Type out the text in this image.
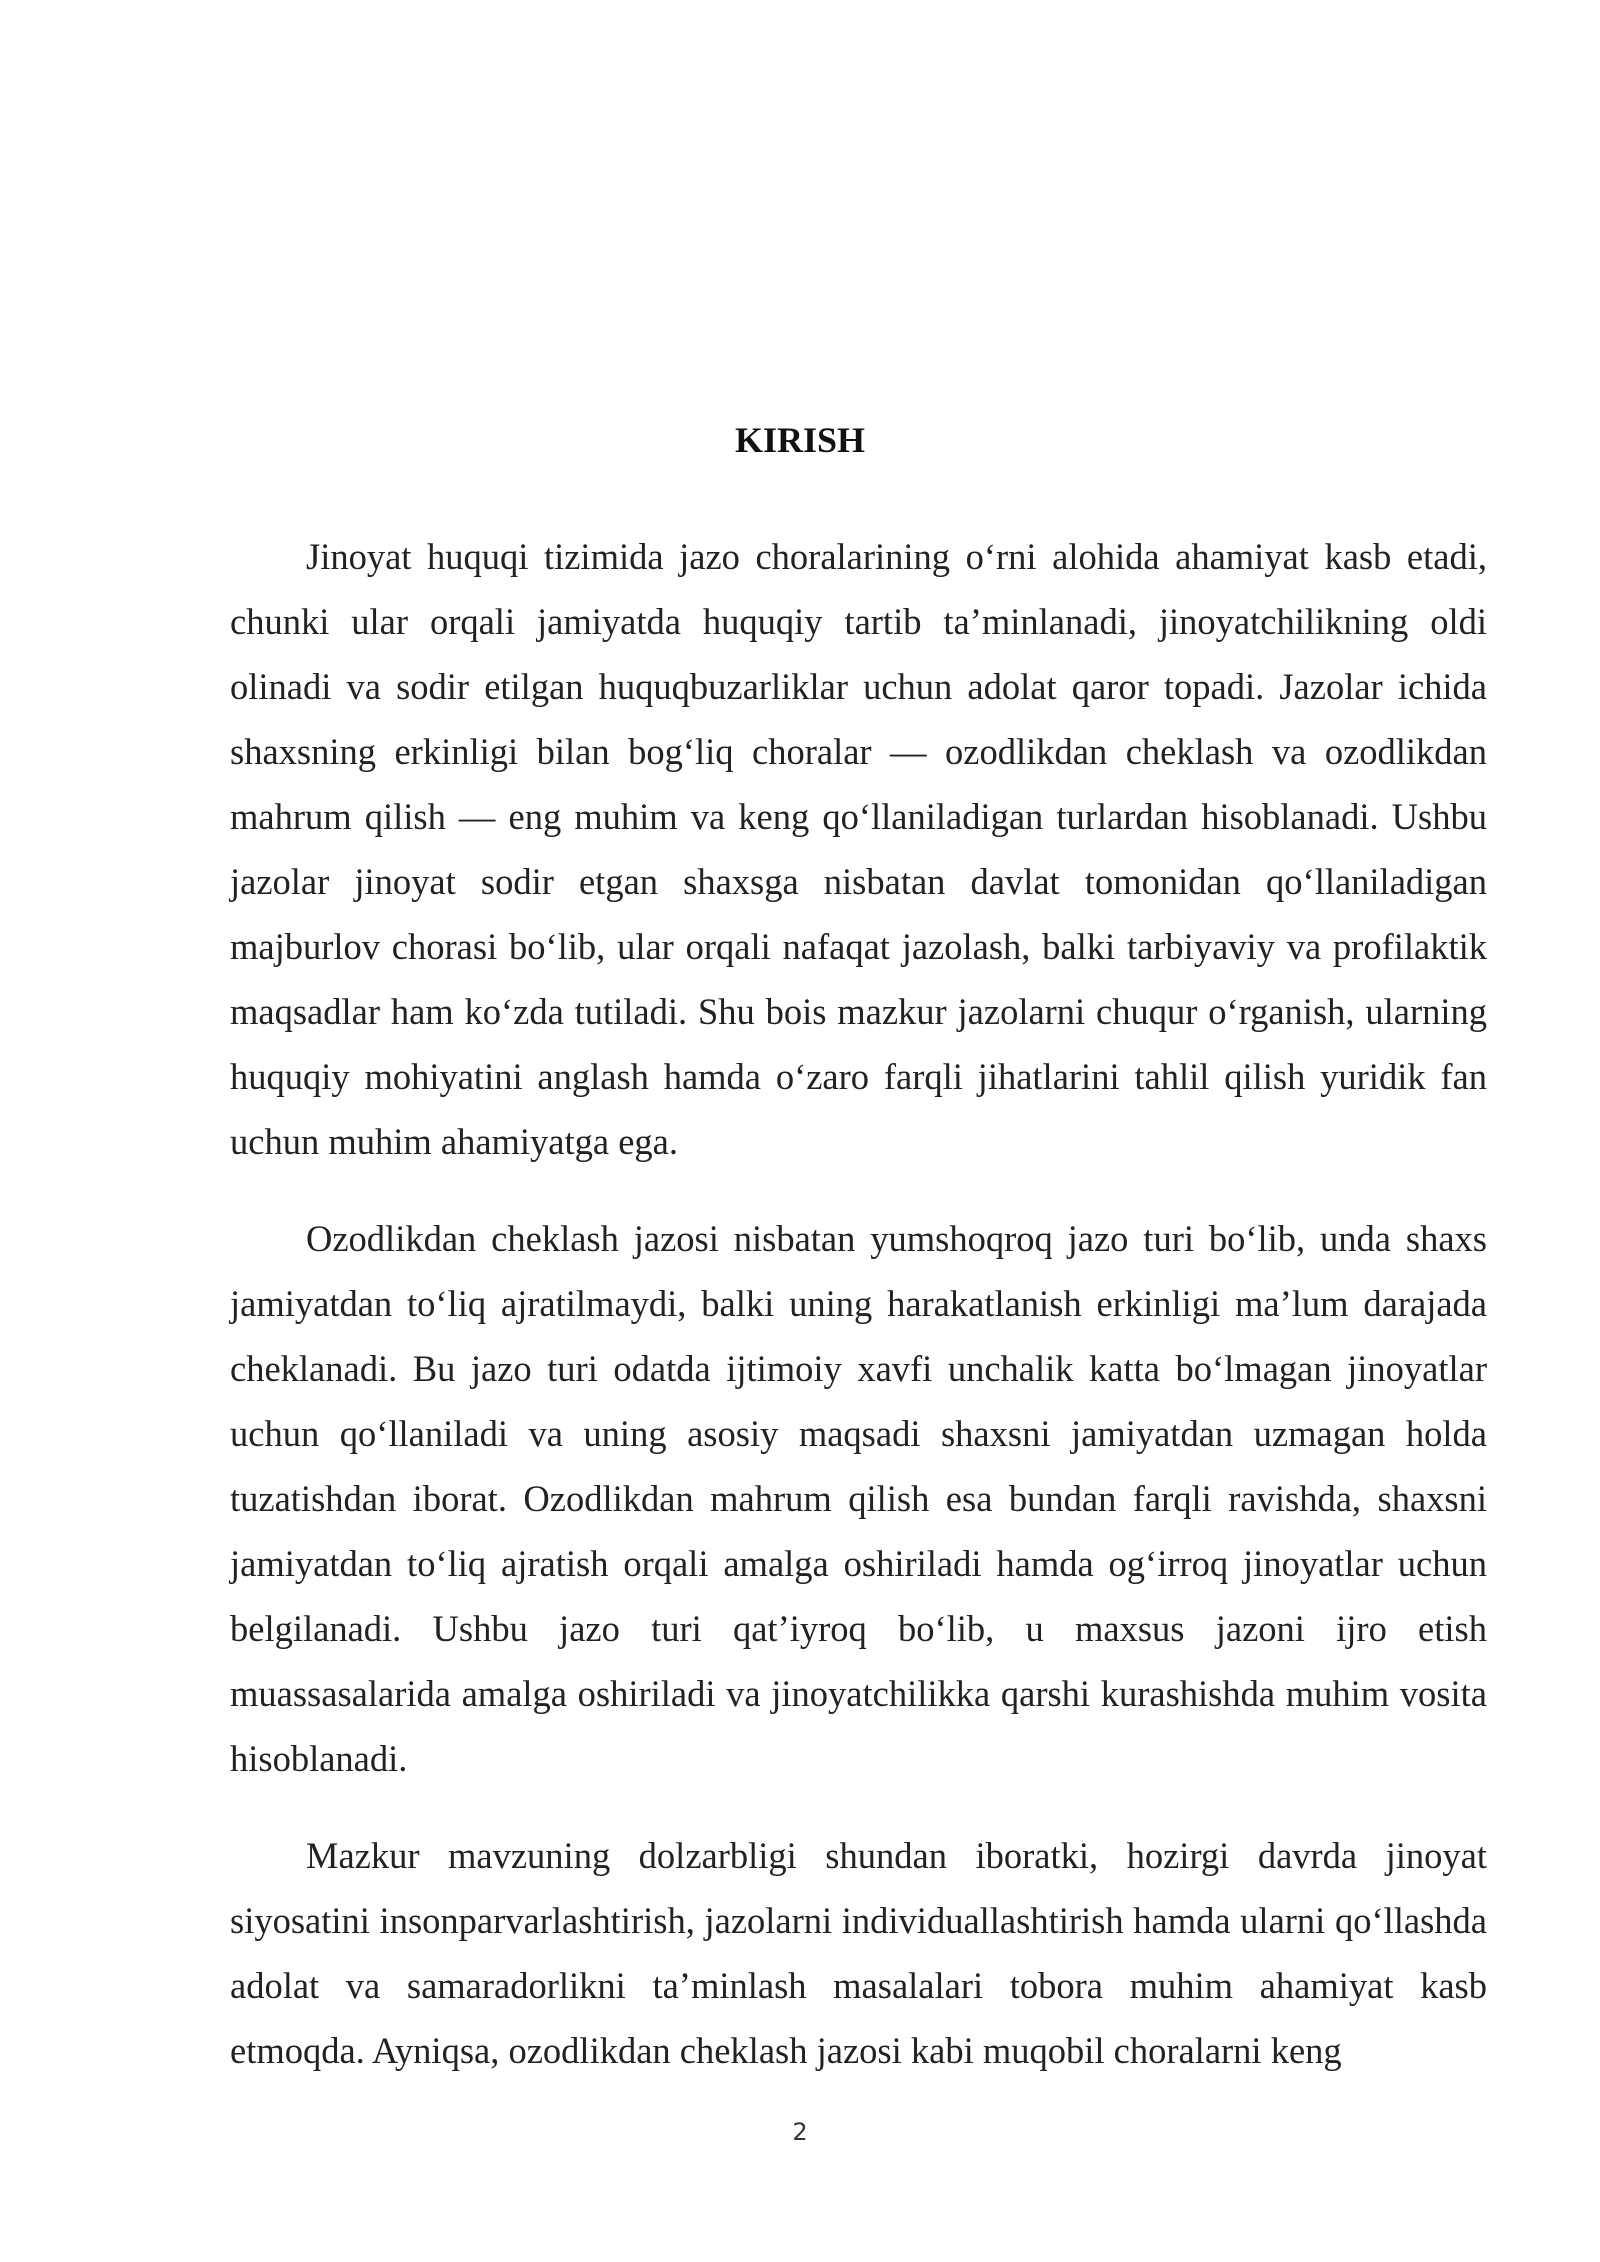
KIRISH

Jinoyat huquqi tizimida jazo choralarining o‘rni alohida ahamiyat kasb etadi, chunki ular orqali jamiyatda huquqiy tartib ta’minlanadi, jinoyatchilikning oldi olinadi va sodir etilgan huquqbuzarliklar uchun adolat qaror topadi. Jazolar ichida shaxsning erkinligi bilan bog‘liq choralar — ozodlikdan cheklash va ozodlikdan mahrum qilish — eng muhim va keng qo‘llaniladigan turlardan hisoblanadi. Ushbu jazolar jinoyat sodir etgan shaxsga nisbatan davlat tomonidan qo‘llaniladigan majburlov chorasi bo‘lib, ular orqali nafaqat jazolash, balki tarbiyaviy va profilaktik maqsadlar ham ko‘zda tutiladi. Shu bois mazkur jazolarni chuqur o‘rganish, ularning huquqiy mohiyatini anglash hamda o‘zaro farqli jihatlarini tahlil qilish yuridik fan uchun muhim ahamiyatga ega.

Ozodlikdan cheklash jazosi nisbatan yumshoqroq jazo turi bo‘lib, unda shaxs jamiyatdan to‘liq ajratilmaydi, balki uning harakatlanish erkinligi ma’lum darajada cheklanadi. Bu jazo turi odatda ijtimoiy xavfi unchalik katta bo‘lmagan jinoyatlar uchun qo‘llaniladi va uning asosiy maqsadi shaxsni jamiyatdan uzmagan holda tuzatishdan iborat. Ozodlikdan mahrum qilish esa bundan farqli ravishda, shaxsni jamiyatdan to‘liq ajratish orqali amalga oshiriladi hamda og‘irroq jinoyatlar uchun belgilanadi. Ushbu jazo turi qat’iyroq bo‘lib, u maxsus jazoni ijro etish muassasalarida amalga oshiriladi va jinoyatchilikka qarshi kurashishda muhim vosita hisoblanadi.

Mazkur mavzuning dolzarbligi shundan iboratki, hozirgi davrda jinoyat siyosatini insonparvarlashtirish, jazolarni individuallashtirish hamda ularni qo‘llashda adolat va samaradorlikni ta’minlash masalalari tobora muhim ahamiyat kasb etmoqda. Ayniqsa, ozodlikdan cheklash jazosi kabi muqobil choralarni keng

2
